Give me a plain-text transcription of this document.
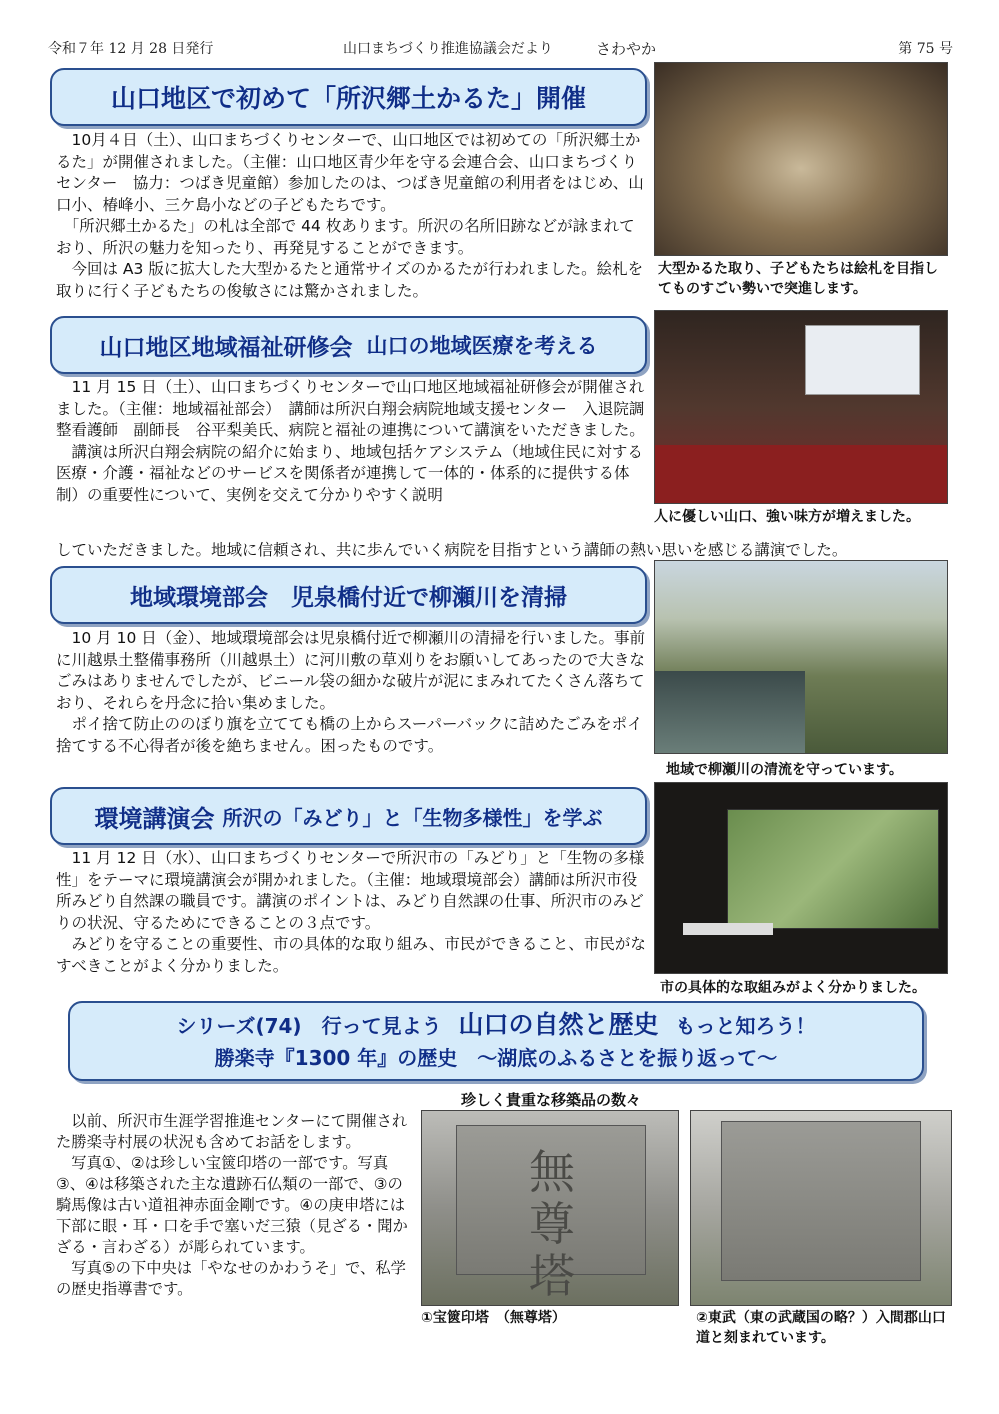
令和７年 12 月 28 日発行	山口まちづくり推進協議会だより	さわやか	第 75 号
山口地区で初めて「所沢郷土かるた」開催

　10月４日（土）、山口まちづくりセンターで、山口地区では初めての「所沢郷土かるた」が開催されました。（主催：山口地区青少年を守る会連合会、山口まちづくりセンター　協力：つばき児童館）参加したのは、つばき児童館の利用者をはじめ、山口小、椿峰小、三ケ島小などの子どもたちです。

　「所沢郷土かるた」の札は全部で 44 枚あります。所沢の名所旧跡などが詠まれており、所沢の魅力を知ったり、再発見することができます。

　今回は A3 版に拡大した大型かるたと通常サイズのかるたが行われました。絵札を取りに行く子どもたちの俊敏さには驚かされました。

大型かるた取り、子どもたちは絵札を目指してものすごい勢いで突進します。
山口地区地域福祉研修会 山口の地域医療を考える

　11 月 15 日（土）、山口まちづくりセンターで山口地区地域福祉研修会が開催されました。（主催：地域福祉部会）　講師は所沢白翔会病院地域支援センター　入退院調整看護師　副師長　谷平梨美氏、病院と福祉の連携について講演をいただきました。

　講演は所沢白翔会病院の紹介に始まり、地域包括ケアシステム（地域住民に対する医療・介護・福祉などのサービスを関係者が連携して一体的・体系的に提供する体制）の重要性について、実例を交えて分かりやすく説明

していただきました。地域に信頼され、共に歩んでいく病院を目指すという講師の熱い思いを感じる講演でした。
人に優しい山口、強い味方が増えました。
地域環境部会　児泉橋付近で柳瀬川を清掃

　10 月 10 日（金）、地域環境部会は児泉橋付近で柳瀬川の清掃を行いました。事前に川越県土整備事務所（川越県土）に河川敷の草刈りをお願いしてあったので大きなごみはありませんでしたが、ビニール袋の細かな破片が泥にまみれてたくさん落ちており、それらを丹念に拾い集めました。

　ポイ捨て防止ののぼり旗を立てても橋の上からスーパーバックに詰めたごみをポイ捨てする不心得者が後を絶ちません。困ったものです。

地域で柳瀬川の清流を守っています。
環境講演会 所沢の「みどり」と「生物多様性」を学ぶ

　11 月 12 日（水）、山口まちづくりセンターで所沢市の「みどり」と「生物の多様性」をテーマに環境講演会が開かれました。（主催：地域環境部会）講師は所沢市役所みどり自然課の職員です。講演のポイントは、みどり自然課の仕事、所沢市のみどりの状況、守るためにできることの３点です。

　みどりを守ることの重要性、市の具体的な取り組み、市民ができること、市民がなすべきことがよく分かりました。

市の具体的な取組みがよく分かりました。
シリーズ(74)　行って見よう 山口の自然と歴史 もっと知ろう！
勝楽寺『1300 年』の歴史　～湖底のふるさとを振り返って～

　以前、所沢市生涯学習推進センターにて開催された勝楽寺村展の状況も含めてお話をします。

　写真①、②は珍しい宝篋印塔の一部です。写真③、④は移築された主な遺跡石仏類の一部で、③の騎馬像は古い道祖神赤面金剛です。④の庚申塔には下部に眼・耳・口を手で塞いだ三猿（見ざる・聞かざる・言わざる）が彫られています。

　写真⑤の下中央は「やなせのかわうそ」で、私学の歴史指導書です。

珍しく貴重な移築品の数々
無尊塔
①宝篋印塔　（無尊塔）	②東武（東の武蔵国の略？）入間郡山口道と刻まれています。
